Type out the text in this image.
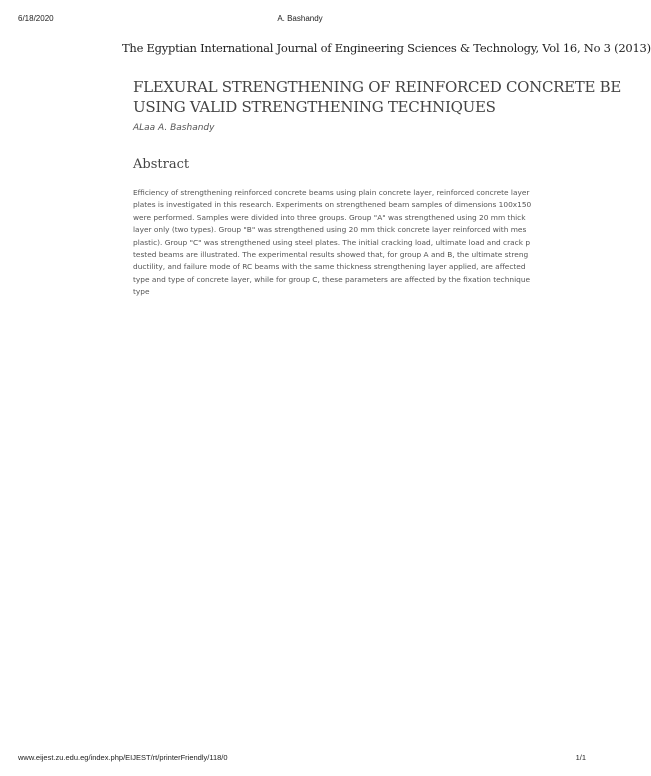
6/18/2020	A. Bashandy
The Egyptian International Journal of Engineering Sciences & Technology, Vol 16, No 3 (2013)
FLEXURAL STRENGTHENING OF REINFORCED CONCRETE BE
USING VALID STRENGTHENING TECHNIQUES
ALaa A. Bashandy
Abstract
Efficiency of strengthening reinforced concrete beams using plain concrete layer, reinforced concrete layer
plates is investigated in this research. Experiments on strengthened beam samples of dimensions 100x150
were performed. Samples were divided into three groups. Group "A" was strengthened using 20 mm thick
layer only (two types). Group "B" was strengthened using 20 mm thick concrete layer reinforced with mes
plastic). Group "C" was strengthened using steel plates. The initial cracking load, ultimate load and crack p
tested beams are illustrated. The experimental results showed that, for group A and B, the ultimate streng
ductility, and failure mode of RC beams with the same thickness strengthening layer applied, are affected
type and type of concrete layer, while for group C, these parameters are affected by the fixation technique
type
www.eijest.zu.edu.eg/index.php/EIJEST/rt/printerFriendly/118/0	1/1
